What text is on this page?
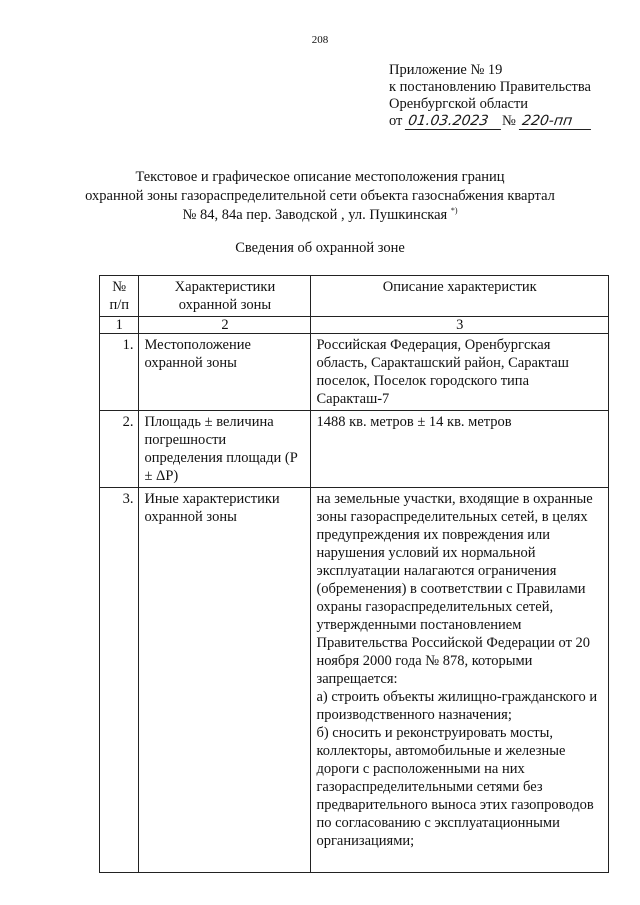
208
Приложение № 19
к постановлению Правительства
Оренбургской области
от 01.03.2023 № 220-пп
Текстовое и графическое описание местоположения границ
охранной зоны газораспределительной сети объекта газоснабжения квартал
№ 84, 84а пер. Заводской , ул. Пушкинская *)
Сведения об охранной зоне
№ п/п	Характеристики охранной зоны	Описание характеристик
1	2	3
1.	Местоположение охранной зоны	Российская Федерация, Оренбургская область, Саракташский район, Саракташ поселок, Поселок городского типа Саракташ-7

2.	Площадь ± величина погрешности определения площади (P ± ΔP)	1488 кв. метров ± 14 кв. метров

3.	Иные характеристики охранной зоны	на земельные участки, входящие в охранные зоны газораспределительных сетей, в целях предупреждения их повреждения или нарушения условий их нормальной эксплуатации налагаются ограничения (обременения) в соответствии с Правилами охраны газораспределительных сетей, утвержденными постановлением Правительства Российской Федерации от 20 ноября 2000 года № 878, которыми запрещается:
а) строить объекты жилищно-гражданского и производственного назначения;
б) сносить и реконструировать мосты, коллекторы, автомобильные и железные дороги с расположенными на них газораспределительными сетями без предварительного выноса этих газопроводов по согласованию с эксплуатационными организациями;
